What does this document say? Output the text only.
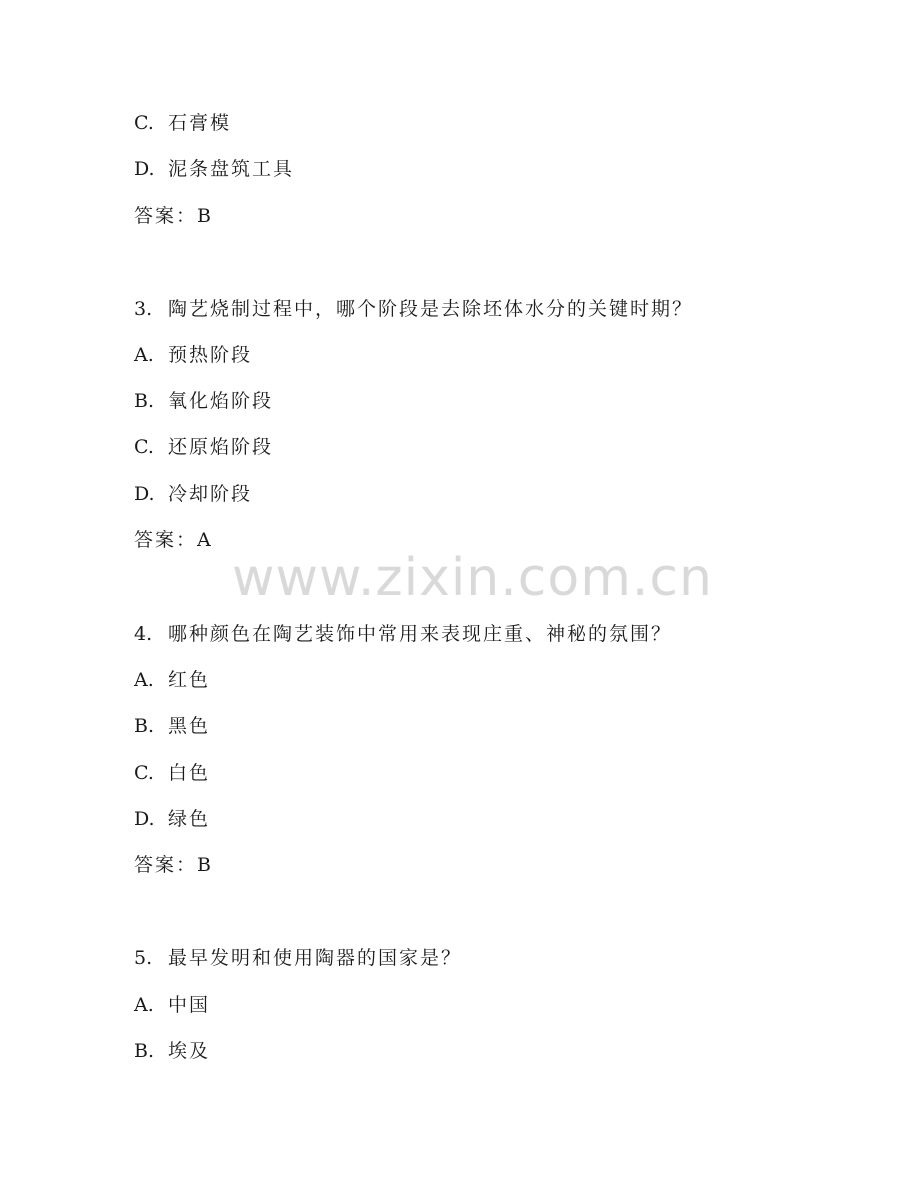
C. 石膏模
D. 泥条盘筑工具
答案：B
3. 陶艺烧制过程中，哪个阶段是去除坯体水分的关键时期？
A. 预热阶段
B. 氧化焰阶段
C. 还原焰阶段
D. 冷却阶段
答案：A
www.zixin.com.cn
4. 哪种颜色在陶艺装饰中常用来表现庄重、神秘的氛围？
A. 红色
B. 黑色
C. 白色
D. 绿色
答案：B
5. 最早发明和使用陶器的国家是？
A. 中国
B. 埃及
